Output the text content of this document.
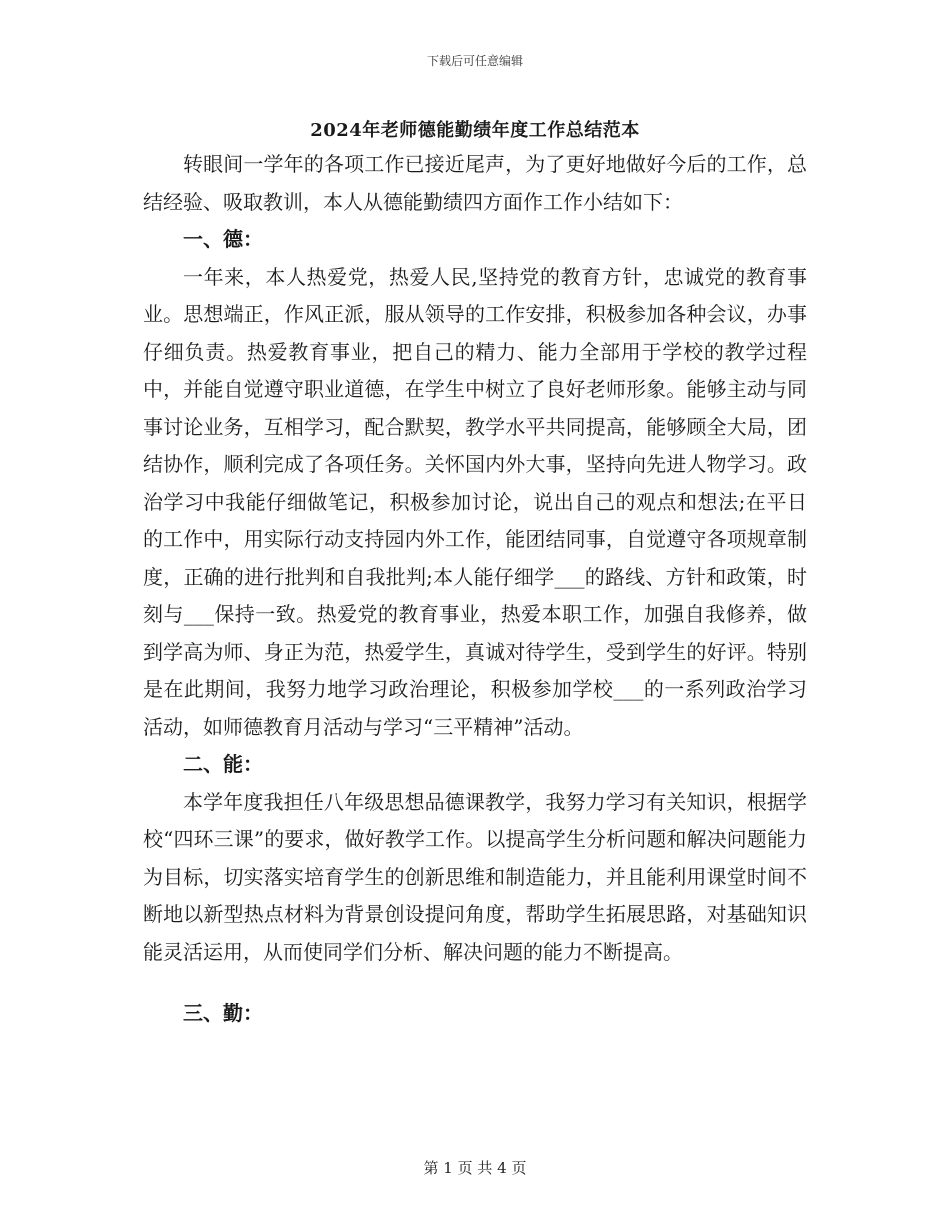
下载后可任意编辑
2024年老师德能勤绩年度工作总结范本

转眼间一学年的各项工作已接近尾声，为了更好地做好今后的工作，总结经验、吸取教训，本人从德能勤绩四方面作工作小结如下：

一、德：

一年来，本人热爱党，热爱人民,坚持党的教育方针，忠诚党的教育事业。思想端正，作风正派，服从领导的工作安排，积极参加各种会议，办事仔细负责。热爱教育事业，把自己的精力、能力全部用于学校的教学过程中，并能自觉遵守职业道德，在学生中树立了良好老师形象。能够主动与同事讨论业务，互相学习，配合默契，教学水平共同提高，能够顾全大局，团结协作，顺利完成了各项任务。关怀国内外大事，坚持向先进人物学习。政治学习中我能仔细做笔记，积极参加讨论，说出自己的观点和想法;在平日的工作中，用实际行动支持园内外工作，能团结同事，自觉遵守各项规章制度，正确的进行批判和自我批判;本人能仔细学___的路线、方针和政策，时刻与___保持一致。热爱党的教育事业，热爱本职工作，加强自我修养，做到学高为师、身正为范，热爱学生，真诚对待学生，受到学生的好评。特别是在此期间，我努力地学习政治理论，积极参加学校___的一系列政治学习活动，如师德教育月活动与学习“三平精神”活动。

二、能：

本学年度我担任八年级思想品德课教学，我努力学习有关知识，根据学校“四环三课”的要求，做好教学工作。以提高学生分析问题和解决问题能力为目标，切实落实培育学生的创新思维和制造能力，并且能利用课堂时间不断地以新型热点材料为背景创设提问角度，帮助学生拓展思路，对基础知识能灵活运用，从而使同学们分析、解决问题的能力不断提高。

三、勤：

第 1 页 共 4 页
